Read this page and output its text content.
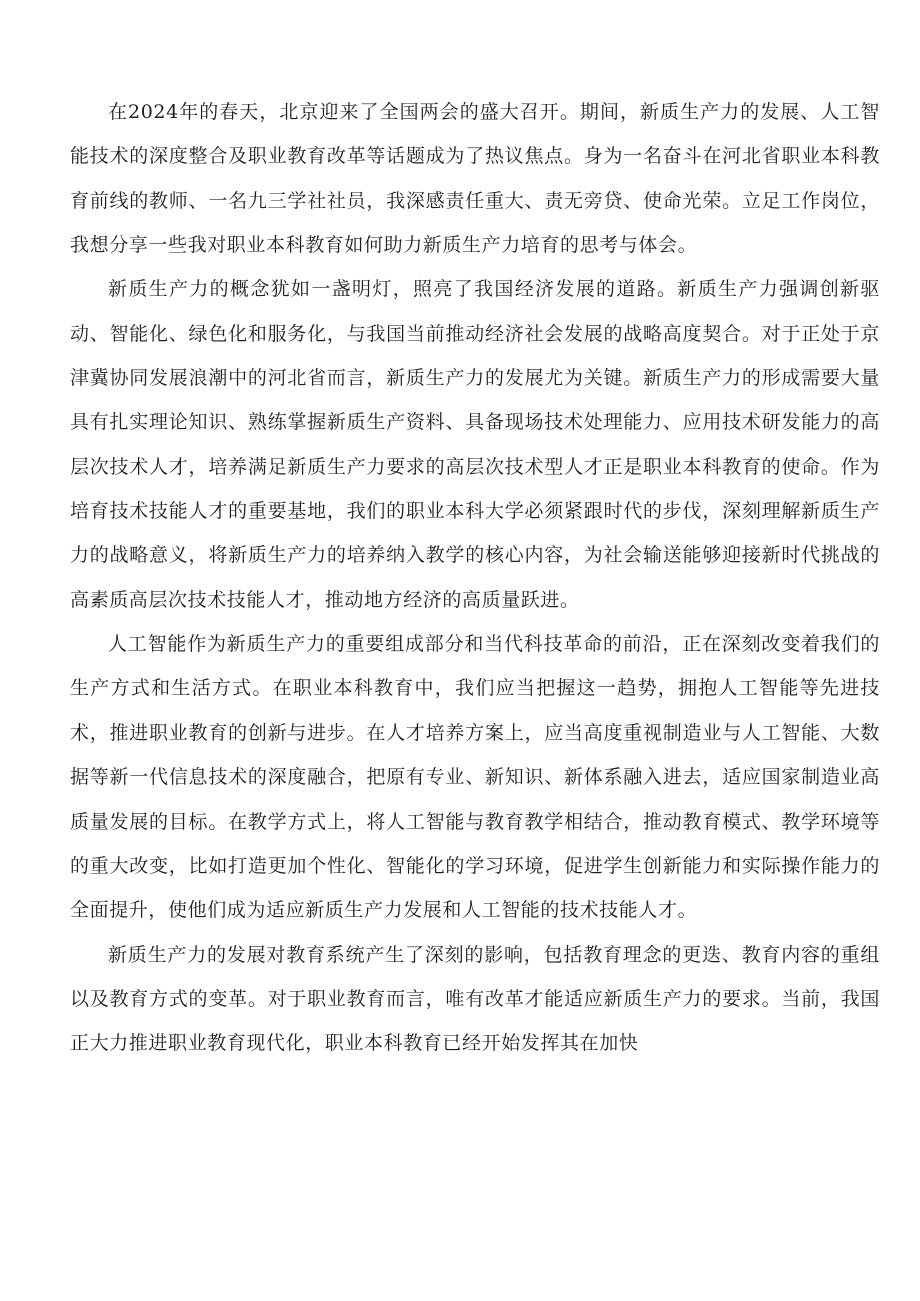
在2024年的春天，北京迎来了全国两会的盛大召开。期间，新质生产力的发展、人工智能技术的深度整合及职业教育改革等话题成为了热议焦点。身为一名奋斗在河北省职业本科教育前线的教师、一名九三学社社员，我深感责任重大、责无旁贷、使命光荣。立足工作岗位，我想分享一些我对职业本科教育如何助力新质生产力培育的思考与体会。

新质生产力的概念犹如一盏明灯，照亮了我国经济发展的道路。新质生产力强调创新驱动、智能化、绿色化和服务化，与我国当前推动经济社会发展的战略高度契合。对于正处于京津冀协同发展浪潮中的河北省而言，新质生产力的发展尤为关键。新质生产力的形成需要大量具有扎实理论知识、熟练掌握新质生产资料、具备现场技术处理能力、应用技术研发能力的高层次技术人才，培养满足新质生产力要求的高层次技术型人才正是职业本科教育的使命。作为培育技术技能人才的重要基地，我们的职业本科大学必须紧跟时代的步伐，深刻理解新质生产力的战略意义，将新质生产力的培养纳入教学的核心内容，为社会输送能够迎接新时代挑战的高素质高层次技术技能人才，推动地方经济的高质量跃进。

人工智能作为新质生产力的重要组成部分和当代科技革命的前沿，正在深刻改变着我们的生产方式和生活方式。在职业本科教育中，我们应当把握这一趋势，拥抱人工智能等先进技术，推进职业教育的创新与进步。在人才培养方案上，应当高度重视制造业与人工智能、大数据等新一代信息技术的深度融合，把原有专业、新知识、新体系融入进去，适应国家制造业高质量发展的目标。在教学方式上，将人工智能与教育教学相结合，推动教育模式、教学环境等的重大改变，比如打造更加个性化、智能化的学习环境，促进学生创新能力和实际操作能力的全面提升，使他们成为适应新质生产力发展和人工智能的技术技能人才。

新质生产力的发展对教育系统产生了深刻的影响，包括教育理念的更迭、教育内容的重组以及教育方式的变革。对于职业教育而言，唯有改革才能适应新质生产力的要求。当前，我国正大力推进职业教育现代化，职业本科教育已经开始发挥其在加快
